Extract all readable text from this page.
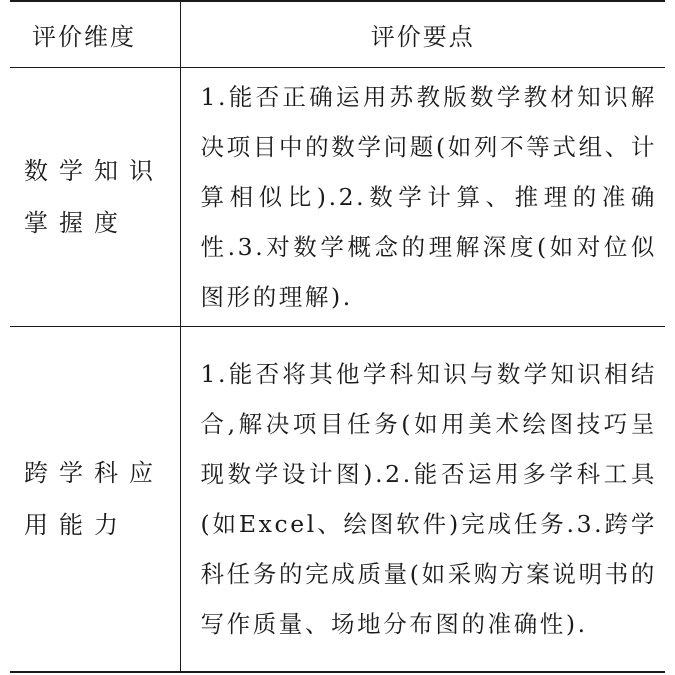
评价维度	评价要点
数学知识掌握度	1.能否正确运用苏教版数学教材知识解决项目中的数学问题(如列不等式组、计算相似比).2.数学计算、推理的准确性.3.对数学概念的理解深度(如对位似图形的理解).
跨学科应用能力	1.能否将其他学科知识与数学知识相结合,解决项目任务(如用美术绘图技巧呈现数学设计图).2.能否运用多学科工具(如Excel、绘图软件)完成任务.3.跨学科任务的完成质量(如采购方案说明书的写作质量、场地分布图的准确性).
